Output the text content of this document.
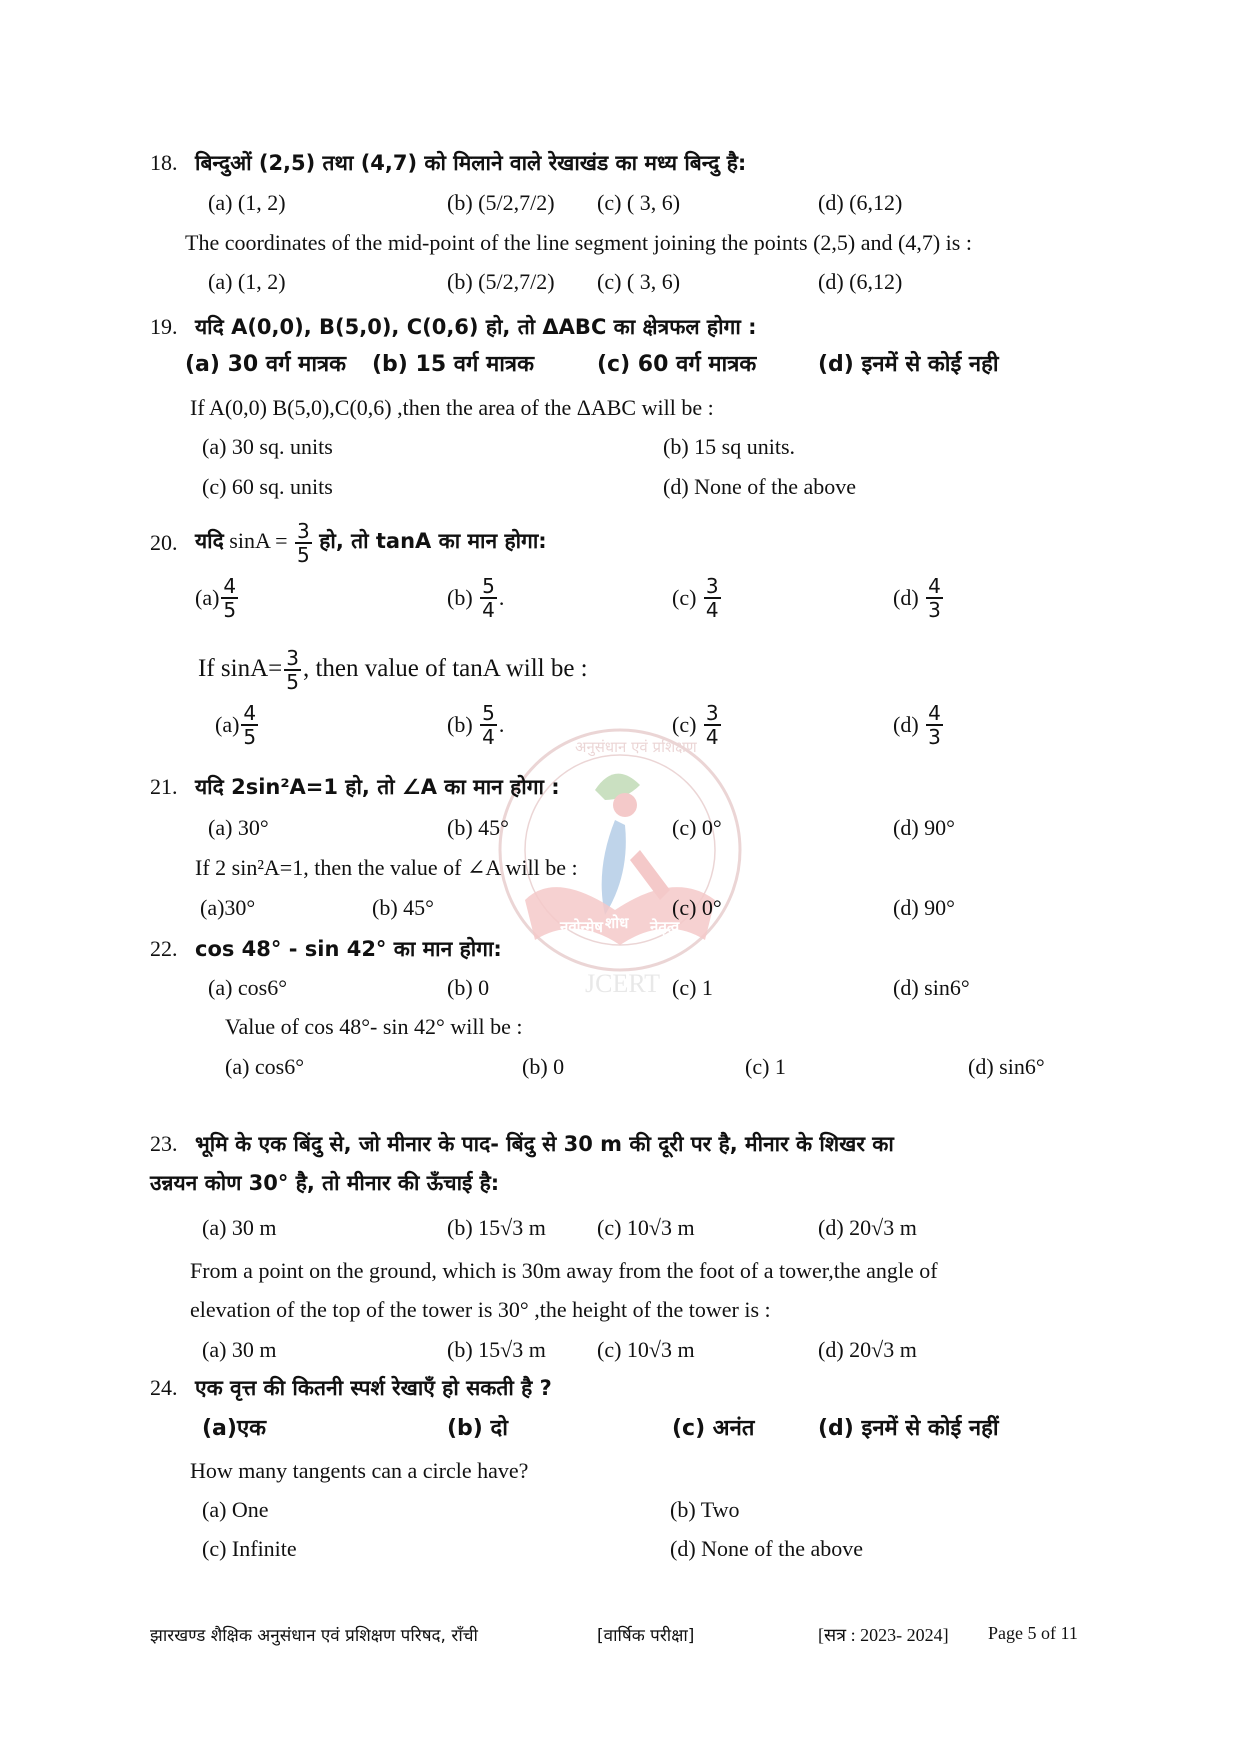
नवोन्मेष शोध नेतृत्व
अनुसंधान एवं प्रशिक्षण
JCERT
18. बिन्दुओं (2,5) तथा (4,7) को मिलाने वाले रेखाखंड का मध्य बिन्दु है:
(a) (1, 2)	(b) (5/2,7/2) (c) ( 3, 6)	(d) (6,12)
The coordinates of the mid-point of the line segment joining the points (2,5) and (4,7) is :
(a) (1, 2)	(b) (5/2,7/2) (c) ( 3, 6)	(d) (6,12)
19. यदि A(0,0), B(5,0), C(0,6) हो, तो ΔABC का क्षेत्रफल होगा :
(a) 30 वर्ग मात्रक (b) 15 वर्ग मात्रक	(c) 60 वर्ग मात्रक	(d) इनमें से कोई नही
If A(0,0) B(5,0),C(0,6) ,then the area of the ΔABC will be :
(a) 30 sq. units	(b) 15 sq units.
(c) 60 sq. units	(d) None of the above
20. यदि $\sin A = \frac{3}{5}$ हो, तो tanA का मान होगा:
$(a) \frac{4}{5}$	$(b) \frac{5}{4}$ .	$(c) \frac{3}{4}$	$(d) \frac{4}{3}$
If $\sin A= \frac{3}{5}$ , then value of tanA will be :
$(a) \frac{4}{5}$	$(b) \frac{5}{4}$ .	$(c) \frac{3}{4}$	$(d) \frac{4}{3}$
21. यदि 2sin²A=1 हो, तो ∠A का मान होगा :
(a) 30°	(b) 45°	(c) 0°	(d) 90°
If 2 sin²A=1, then the value of ∠A will be :
(a)30°	(b) 45°	(c) 0°	(d) 90°
22. cos 48° - sin 42° का मान होगा:
(a) cos6°	(b) 0	(c) 1	(d) sin6°
Value of cos 48°- sin 42° will be :
(a) cos6°	(b) 0	(c) 1	(d) sin6°
23. भूमि के एक बिंदु से, जो मीनार के पाद- बिंदु से 30 m की दूरी पर है, मीनार के शिखर का
उन्नयन कोण 30° है, तो मीनार की ऊँचाई है:
(a) 30 m	(b) 15√3 m (c) 10√3 m	(d) 20√3 m
From a point on the ground, which is 30m away from the foot of a tower,the angle of
elevation of the top of the tower is 30° ,the height of the tower is :
(a) 30 m	(b) 15√3 m (c) 10√3 m	(d) 20√3 m
24. एक वृत्त की कितनी स्पर्श रेखाएँ हो सकती है ?
(a)एक	(b) दो	(c) अनंत	(d) इनमें से कोई नहीं
How many tangents can a circle have?
(a) One	(b) Two
(c) Infinite	(d) None of the above
झारखण्ड शैक्षिक अनुसंधान एवं प्रशिक्षण परिषद, राँची	[वार्षिक परीक्षा]	[सत्र : 2023- 2024] Page 5 of 11
